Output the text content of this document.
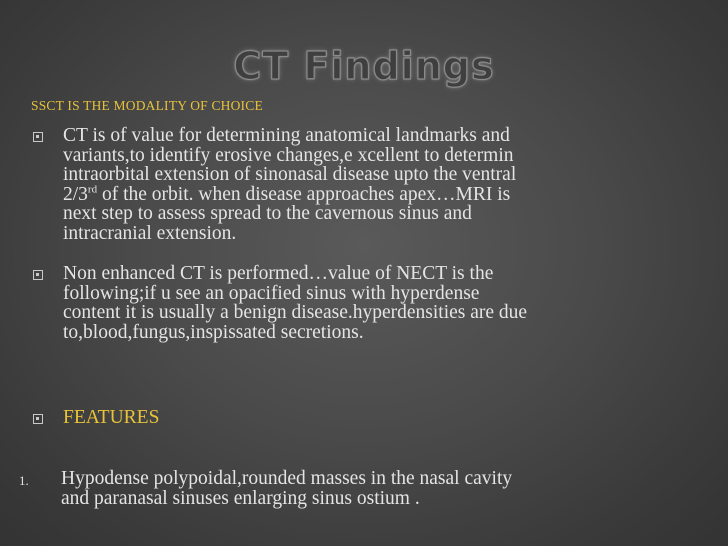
CT Findings
SSCT IS THE MODALITY OF CHOICE
CT is of value for determining anatomical landmarks and
variants,to identify erosive changes,e xcellent to determin
intraorbital extension of sinonasal disease upto the ventral
2/3rd of the orbit. when disease approaches apex…MRI is
next step to assess spread to the cavernous sinus and
intracranial extension.
Non enhanced CT is performed…value of NECT is the
following;if u see an opacified sinus with hyperdense
content it is usually a benign disease.hyperdensities are due
to,blood,fungus,inspissated secretions.
FEATURES
1. Hypodense polypoidal,rounded masses in the nasal cavity
and paranasal sinuses enlarging sinus ostium .
